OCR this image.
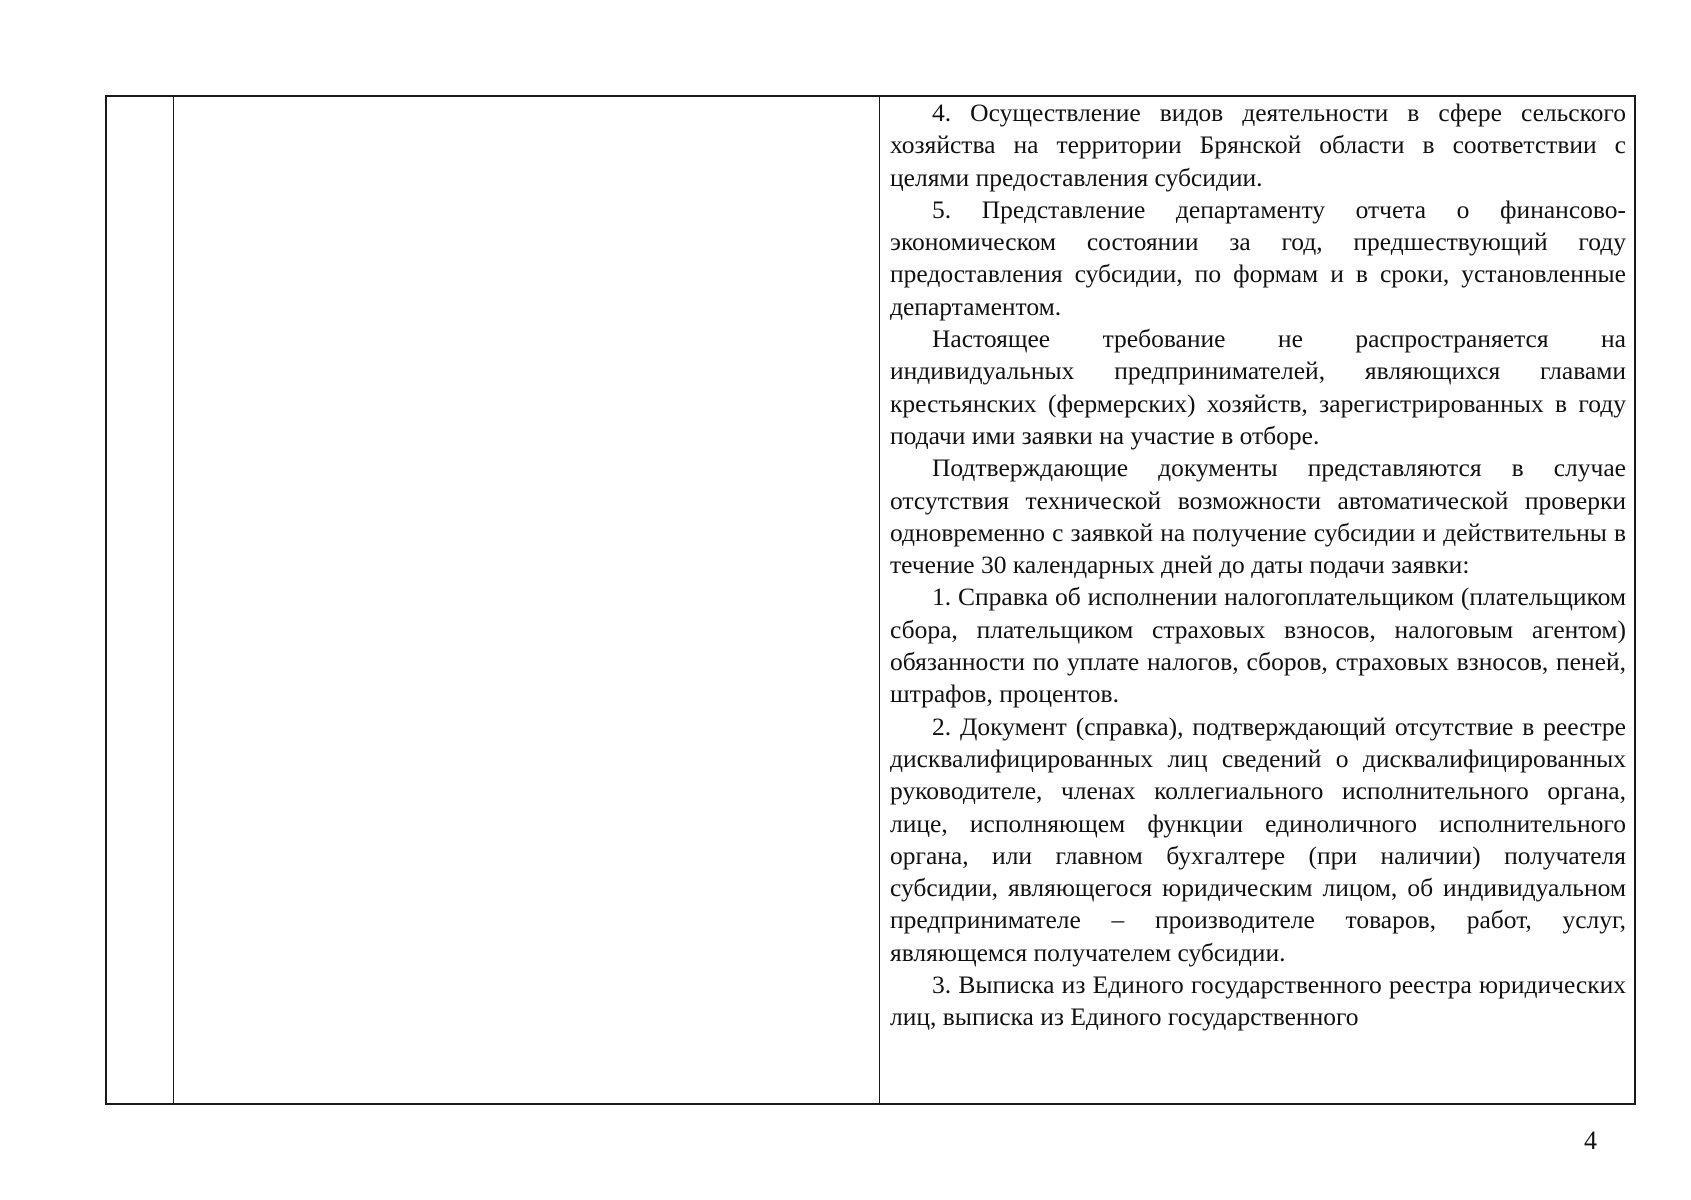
4. Осуществление видов деятельности в сфере сельского хозяйства на территории Брянской области в соответствии с целями предоставления субсидии.

5. Представление департаменту отчета о финансово-экономическом состоянии за год, предшествующий году предоставления субсидии, по формам и в сроки, установленные департаментом.

Настоящее требование не распространяется на индивидуальных предпринимателей, являющихся главами крестьянских (фермерских) хозяйств, зарегистрированных в году подачи ими заявки на участие в отборе.

Подтверждающие документы представляются в случае отсутствия технической возможности автоматической проверки одновременно с заявкой на получение субсидии и действительны в течение 30 календарных дней до даты подачи заявки:

1. Справка об исполнении налогоплательщиком (плательщиком сбора, плательщиком страховых взносов, налоговым агентом) обязанности по уплате налогов, сборов, страховых взносов, пеней, штрафов, процентов.

2. Документ (справка), подтверждающий отсутствие в реестре дисквалифицированных лиц сведений о дисквалифицированных руководителе, членах коллегиального исполнительного органа, лице, исполняющем функции единоличного исполнительного органа, или главном бухгалтере (при наличии) получателя субсидии, являющегося юридическим лицом, об индивидуальном предпринимателе – производителе товаров, работ, услуг, являющемся получателем субсидии.

3. Выписка из Единого государственного реестра юридических лиц, выписка из Единого государственного

4
